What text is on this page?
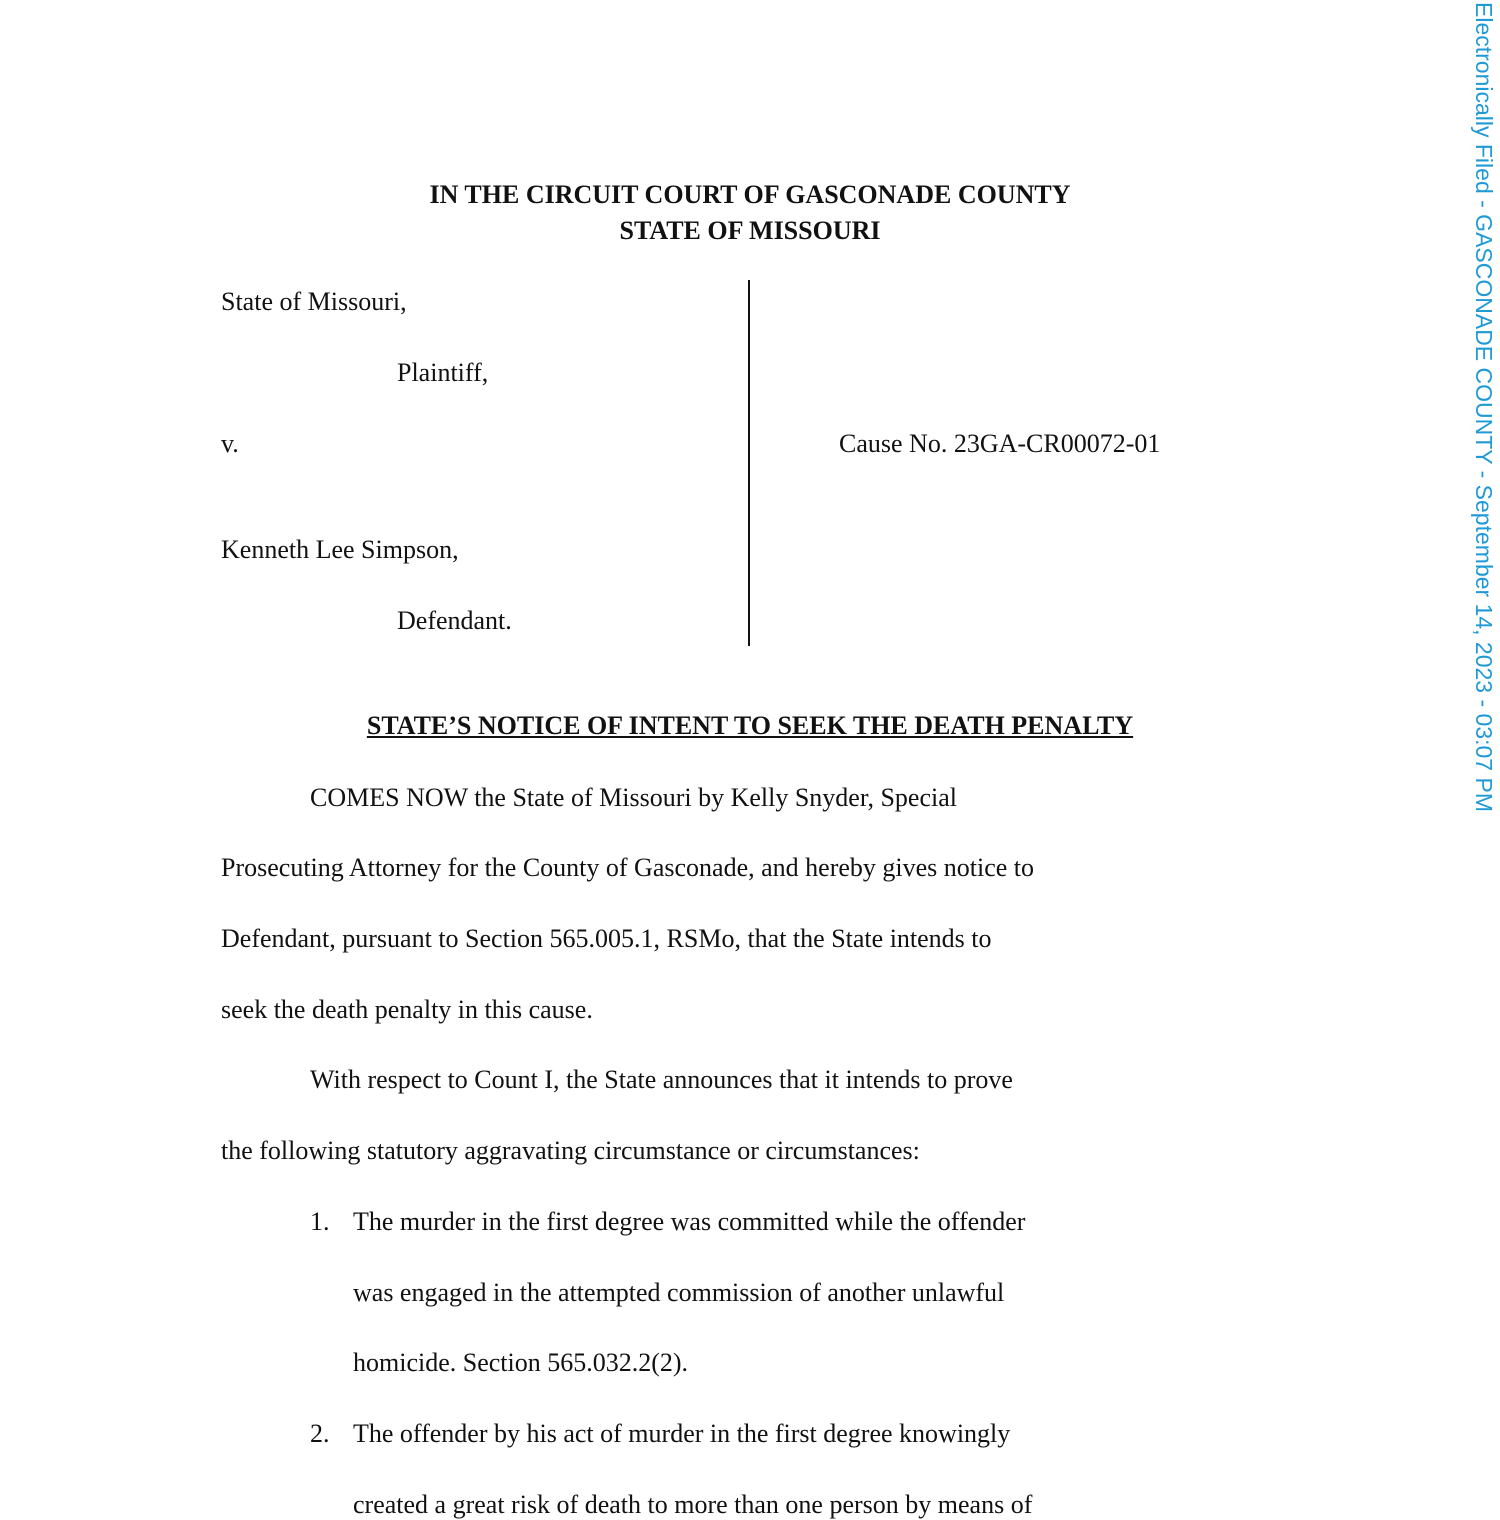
IN THE CIRCUIT COURT OF GASCONADE COUNTY
STATE OF MISSOURI
State of Missouri,
Plaintiff,
v.
Kenneth Lee Simpson,
Defendant.
Cause No. 23GA-CR00072-01
STATE’S NOTICE OF INTENT TO SEEK THE DEATH PENALTY
COMES NOW the State of Missouri by Kelly Snyder, Special
Prosecuting Attorney for the County of Gasconade, and hereby gives notice to
Defendant, pursuant to Section 565.005.1, RSMo, that the State intends to
seek the death penalty in this cause.
With respect to Count I, the State announces that it intends to prove
the following statutory aggravating circumstance or circumstances:
1. The murder in the first degree was committed while the offender
was engaged in the attempted commission of another unlawful
homicide. Section 565.032.2(2).
2. The offender by his act of murder in the first degree knowingly
created a great risk of death to more than one person by means of
Electronically Filed - GASCONADE COUNTY - September 14, 2023 - 03:07 PM
